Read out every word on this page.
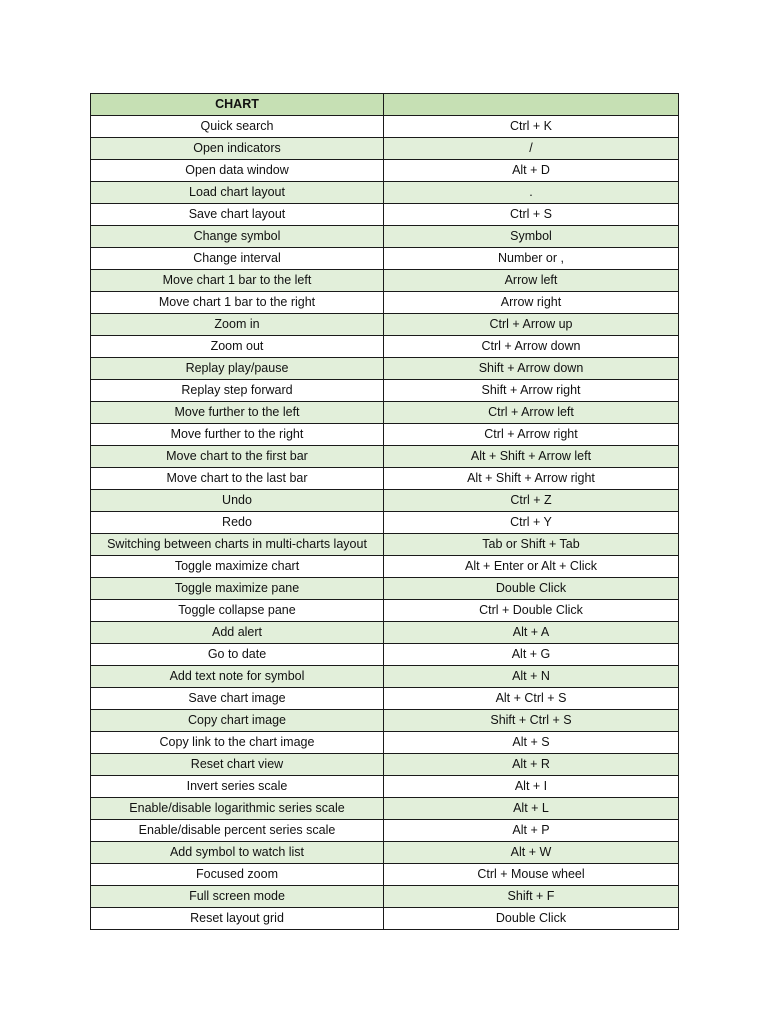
CHART	
Quick search	Ctrl + K
Open indicators	/
Open data window	Alt + D
Load chart layout	.
Save chart layout	Ctrl + S
Change symbol	Symbol
Change interval	Number or ,
Move chart 1 bar to the left	Arrow left
Move chart 1 bar to the right	Arrow right
Zoom in	Ctrl + Arrow up
Zoom out	Ctrl + Arrow down
Replay play/pause	Shift + Arrow down
Replay step forward	Shift + Arrow right
Move further to the left	Ctrl + Arrow left
Move further to the right	Ctrl + Arrow right
Move chart to the first bar	Alt + Shift + Arrow left
Move chart to the last bar	Alt + Shift + Arrow right
Undo	Ctrl + Z
Redo	Ctrl + Y
Switching between charts in multi-charts layout	Tab or Shift + Tab
Toggle maximize chart	Alt + Enter or Alt + Click
Toggle maximize pane	Double Click
Toggle collapse pane	Ctrl + Double Click
Add alert	Alt + A
Go to date	Alt + G
Add text note for symbol	Alt + N
Save chart image	Alt + Ctrl + S
Copy chart image	Shift + Ctrl + S
Copy link to the chart image	Alt + S
Reset chart view	Alt + R
Invert series scale	Alt + I
Enable/disable logarithmic series scale	Alt + L
Enable/disable percent series scale	Alt + P
Add symbol to watch list	Alt + W
Focused zoom	Ctrl + Mouse wheel
Full screen mode	Shift + F
Reset layout grid	Double Click
